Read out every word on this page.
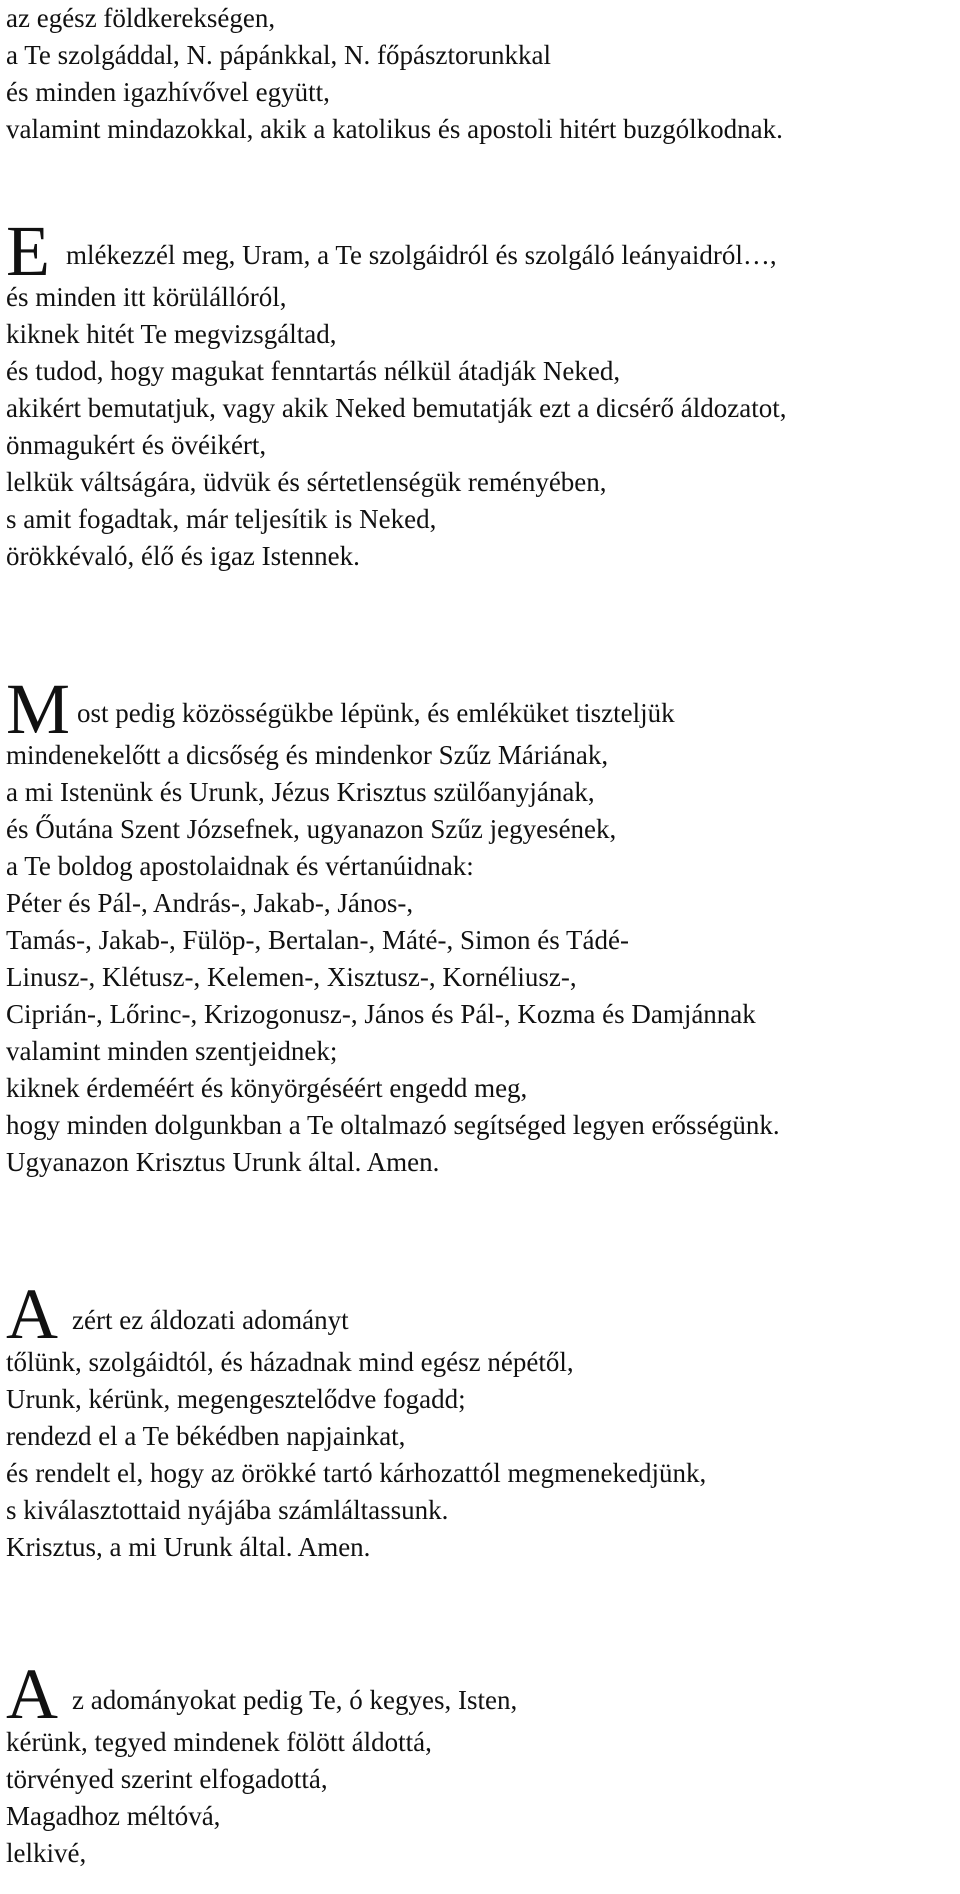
az egész földkerekségen,
a Te szolgáddal, N. pápánkkal, N. főpásztorunkkal
és minden igazhívővel együtt,
valamint mindazokkal, akik a katolikus és apostoli hitért buzgólkodnak.
E mlékezzél meg, Uram, a Te szolgáidról és szolgáló leányaidról…,
és minden itt körülállóról,
kiknek hitét Te megvizsgáltad,
és tudod, hogy magukat fenntartás nélkül átadják Neked,
akikért bemutatjuk, vagy akik Neked bemutatják ezt a dicsérő áldozatot,
önmagukért és övéikért,
lelkük váltságára, üdvük és sértetlenségük reményében,
s amit fogadtak, már teljesítik is Neked,
örökkévaló, élő és igaz Istennek.
M ost pedig közösségükbe lépünk, és emléküket tiszteljük
mindenekelőtt a dicsőség és mindenkor Szűz Máriának,
a mi Istenünk és Urunk, Jézus Krisztus szülőanyjának,
és Őutána Szent Józsefnek, ugyanazon Szűz jegyesének,
a Te boldog apostolaidnak és vértanúidnak:
Péter és Pál-, András-, Jakab-, János-,
Tamás-, Jakab-, Fülöp-, Bertalan-, Máté-, Simon és Tádé-
Linusz-, Klétusz-, Kelemen-, Xisztusz-, Kornéliusz-,
Ciprián-, Lőrinc-, Krizogonusz-, János és Pál-, Kozma és Damjánnak
valamint minden szentjeidnek;
kiknek érdeméért és könyörgéséért engedd meg,
hogy minden dolgunkban a Te oltalmazó segítséged legyen erősségünk.
Ugyanazon Krisztus Urunk által. Amen.
A zért ez áldozati adományt
tőlünk, szolgáidtól, és házadnak mind egész népétől,
Urunk, kérünk, megengesztelődve fogadd;
rendezd el a Te békédben napjainkat,
és rendelt el, hogy az örökké tartó kárhozattól megmenekedjünk,
s kiválasztottaid nyájába számláltassunk.
Krisztus, a mi Urunk által. Amen.
A z adományokat pedig Te, ó kegyes, Isten,
kérünk, tegyed mindenek fölött áldottá,
törvényed szerint elfogadottá,
Magadhoz méltóvá,
lelkivé,
